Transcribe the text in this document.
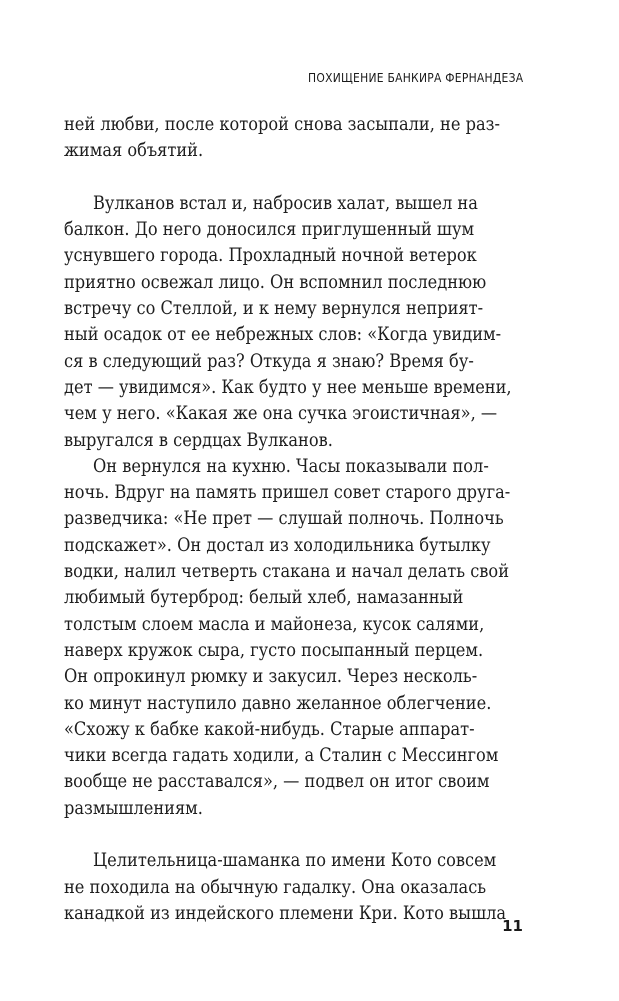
ПОХИЩЕНИЕ БАНКИРА ФЕРНАНДЕЗА
ней любви, после которой снова засыпали, не раз-
жимая объятий.
Вулканов встал и, набросив халат, вышел на
балкон. До него доносился приглушенный шум
уснувшего города. Прохладный ночной ветерок
приятно освежал лицо. Он вспомнил последнюю
встречу со Стеллой, и к нему вернулся неприят-
ный осадок от ее небрежных слов: «Когда увидим-
ся в следующий раз? Откуда я знаю? Время бу-
дет — увидимся». Как будто у нее меньше времени,
чем у него. «Какая же она сучка эгоистичная», —
выругался в сердцах Вулканов.
Он вернулся на кухню. Часы показывали пол-
ночь. Вдруг на память пришел совет старого друга-
разведчика: «Не прет — слушай полночь. Полночь
подскажет». Он достал из холодильника бутылку
водки, налил четверть стакана и начал делать свой
любимый бутерброд: белый хлеб, намазанный
толстым слоем масла и майонеза, кусок салями,
наверх кружок сыра, густо посыпанный перцем.
Он опрокинул рюмку и закусил. Через несколь-
ко минут наступило давно желанное облегчение.
«Схожу к бабке какой-нибудь. Старые аппарат-
чики всегда гадать ходили, а Сталин с Мессингом
вообще не расставался», — подвел он итог своим
размышлениям.
Целительница-шаманка по имени Кото совсем
не походила на обычную гадалку. Она оказалась
канадкой из индейского племени Кри. Кото вышла
11
